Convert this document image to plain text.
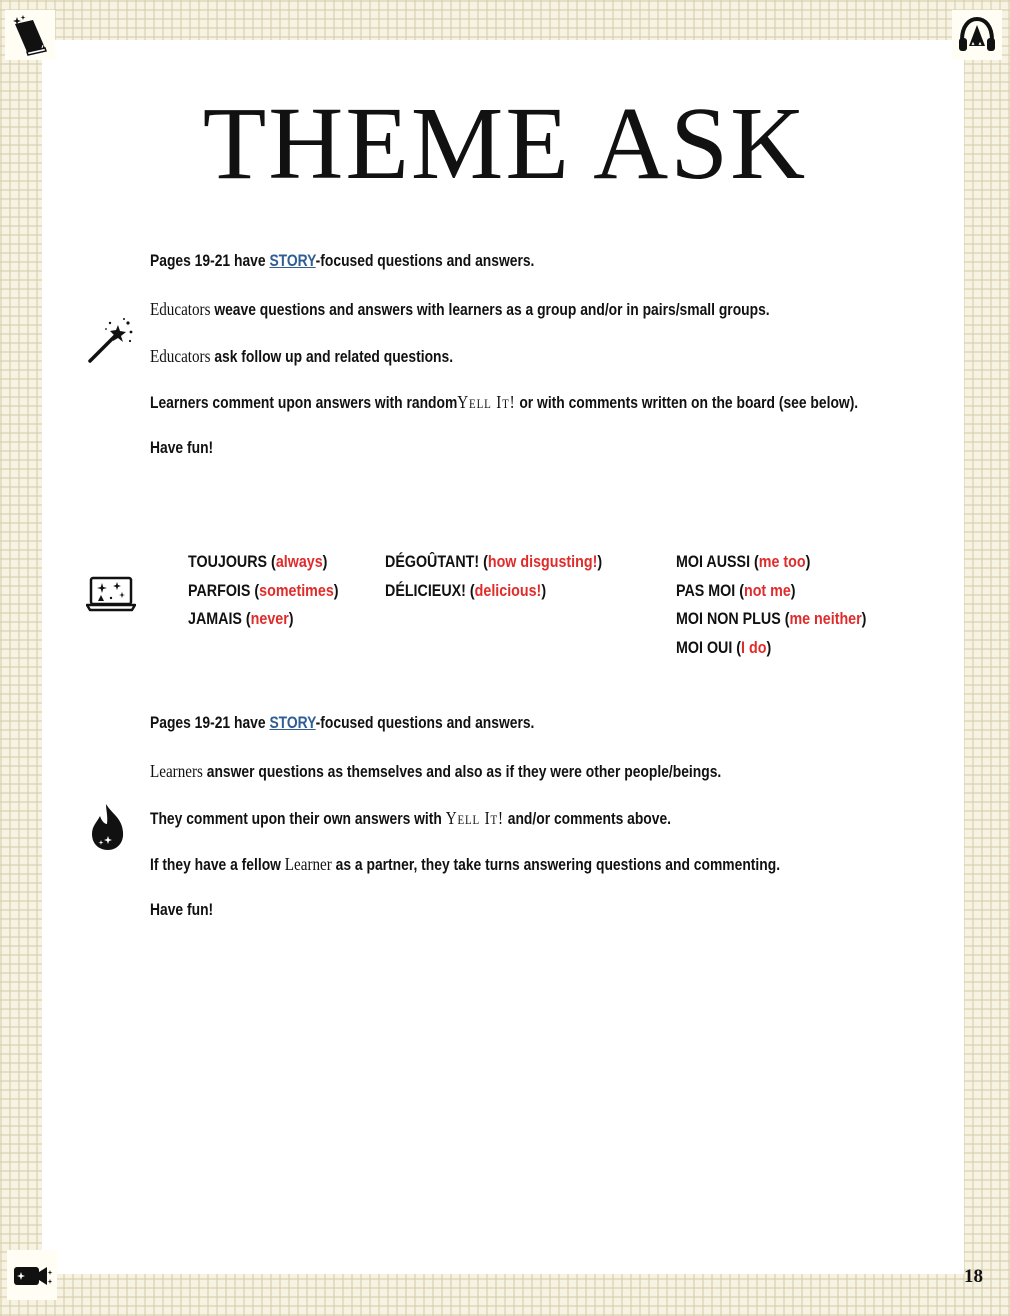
THEME ASK

Pages 19-21 have STORY-focused questions and answers.

Educators weave questions and answers with learners as a group and/or in pairs/small groups.

Educators ask follow up and related questions.

Learners comment upon answers with randomYell It! or with comments written on the board (see below).

Have fun!

TOUJOURS (always)

PARFOIS (sometimes)

JAMAIS (never)

DÉGOÛTANT! (how disgusting!)

DÉLICIEUX! (delicious!)

MOI AUSSI (me too)

PAS MOI (not me)

MOI NON PLUS (me neither)

MOI OUI (I do)

Pages 19-21 have STORY-focused questions and answers.

Learners answer questions as themselves and also as if they were other people/beings.

They comment upon their own answers with Yell It! and/or comments above.

If they have a fellow Learner as a partner, they take turns answering questions and commenting.

Have fun!

18
